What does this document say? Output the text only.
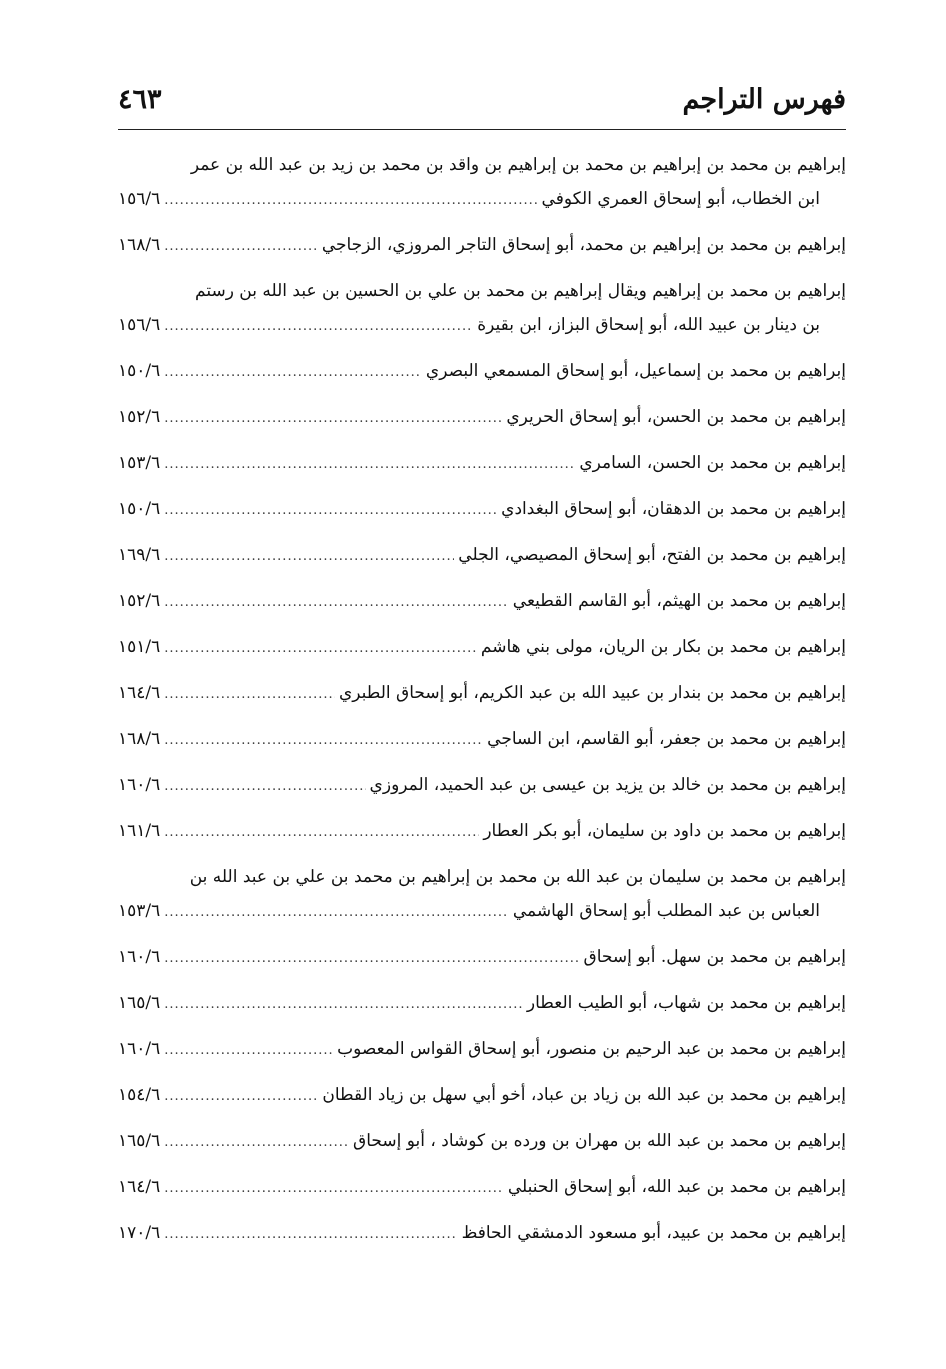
فهرس التراجم
٤٦٣
إبراهيم بن محمد بن إبراهيم بن محمد بن إبراهيم بن واقد بن محمد بن زيد بن عبد الله بن عمر
ابن الخطاب، أبو إسحاق العمري الكوفي
.....
١٥٦/٦
إبراهيم بن محمد بن إبراهيم بن محمد، أبو إسحاق التاجر المروزي، الزجاجي
.....
١٦٨/٦
إبراهيم بن محمد بن إبراهيم ويقال إبراهيم بن محمد بن علي بن الحسين بن عبد الله بن رستم
بن دينار بن عبيد الله، أبو إسحاق البزاز، ابن بقيرة
.....
١٥٦/٦
إبراهيم بن محمد بن إسماعيل، أبو إسحاق المسمعي البصري
.....
١٥٠/٦
إبراهيم بن محمد بن الحسن، أبو إسحاق الحريري
.....
١٥٢/٦
إبراهيم بن محمد بن الحسن، السامري
.....
١٥٣/٦
إبراهيم بن محمد بن الدهقان، أبو إسحاق البغدادي
.....
١٥٠/٦
إبراهيم بن محمد بن الفتح، أبو إسحاق المصيصي، الجلي
.....
١٦٩/٦
إبراهيم بن محمد بن الهيثم، أبو القاسم القطيعي
.....
١٥٢/٦
إبراهيم بن محمد بن بكار بن الريان، مولى بني هاشم
.....
١٥١/٦
إبراهيم بن محمد بن بندار بن عبيد الله بن عبد الكريم، أبو إسحاق الطبري
.....
١٦٤/٦
إبراهيم بن محمد بن جعفر، أبو القاسم، ابن الساجي
.....
١٦٨/٦
إبراهيم بن محمد بن خالد بن يزيد بن عيسى بن عبد الحميد، المروزي
.....
١٦٠/٦
إبراهيم بن محمد بن داود بن سليمان، أبو بكر العطار
.....
١٦١/٦
إبراهيم بن محمد بن سليمان بن عبد الله بن محمد بن إبراهيم بن محمد بن علي بن عبد الله بن
العباس بن عبد المطلب أبو إسحاق الهاشمي
.....
١٥٣/٦
إبراهيم بن محمد بن سهل. أبو إسحاق
.....
١٦٠/٦
إبراهيم بن محمد بن شهاب، أبو الطيب العطار
.....
١٦٥/٦
إبراهيم بن محمد بن عبد الرحيم بن منصور، أبو إسحاق القواس المعصوب
.....
١٦٠/٦
إبراهيم بن محمد بن عبد الله بن زياد بن عباد، أخو أبي سهل بن زياد القطان
.....
١٥٤/٦
إبراهيم بن محمد بن عبد الله بن مهران بن ورده بن كوشاد ، أبو إسحاق
.....
١٦٥/٦
إبراهيم بن محمد بن عبد الله، أبو إسحاق الحنبلي
.....
١٦٤/٦
إبراهيم بن محمد بن عبيد، أبو مسعود الدمشقي الحافظ
.....
١٧٠/٦
